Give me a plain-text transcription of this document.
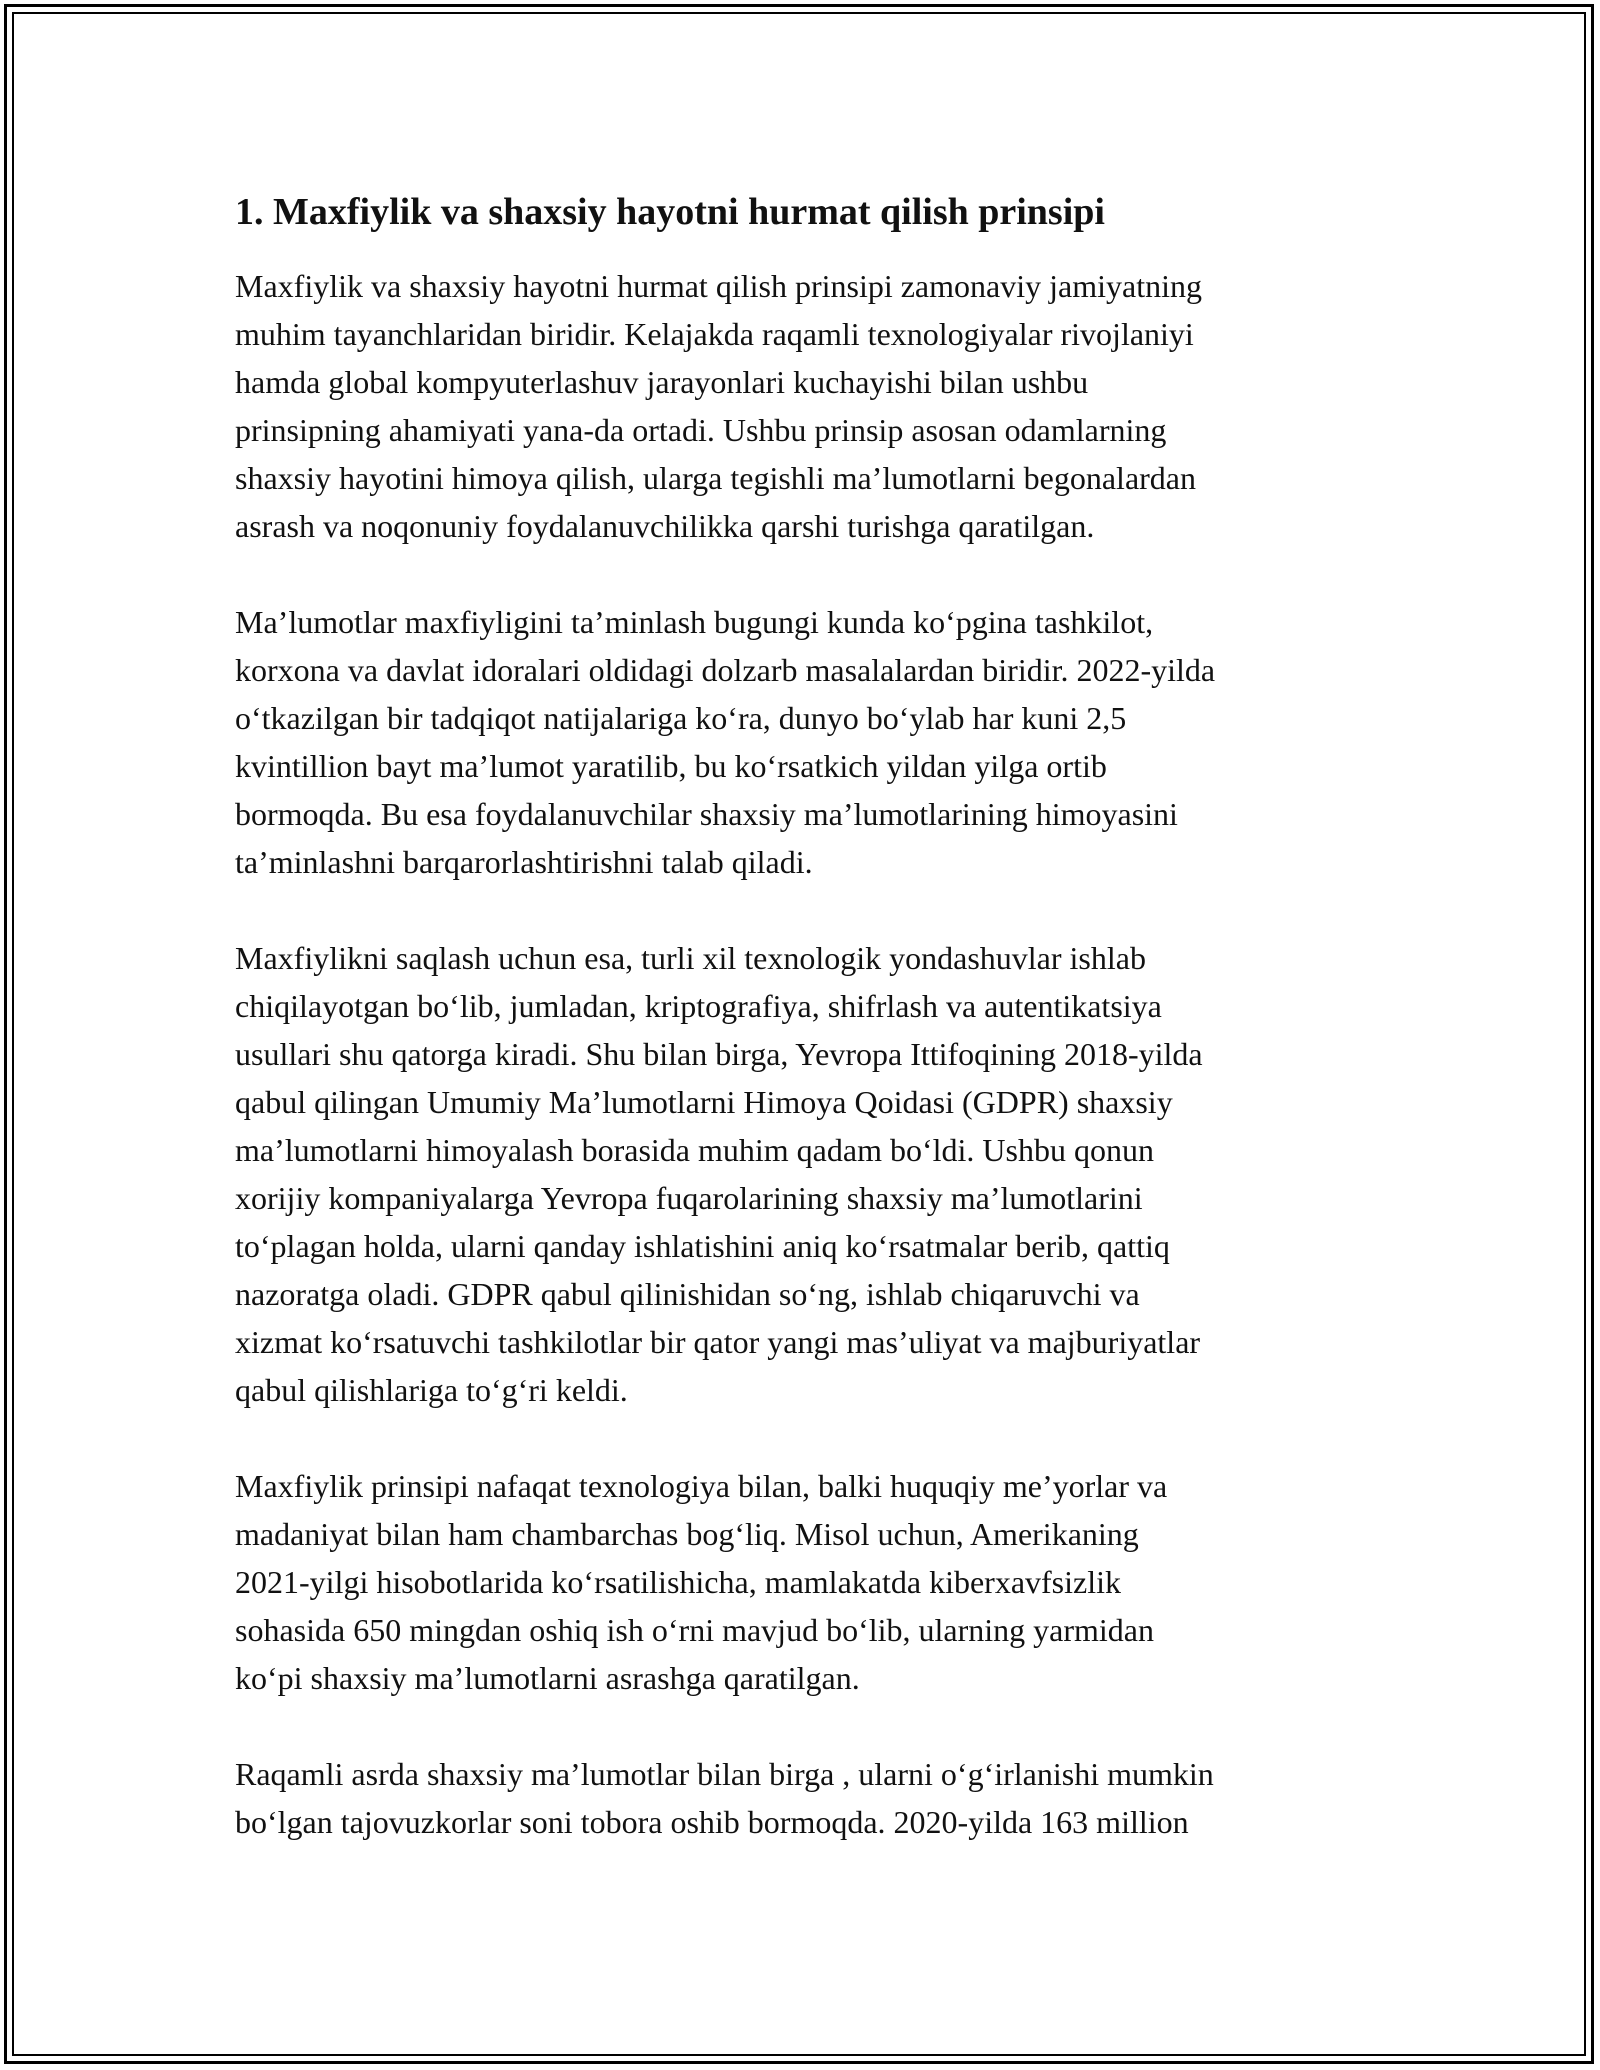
1. Maxfiylik va shaxsiy hayotni hurmat qilish prinsipi

Maxfiylik va shaxsiy hayotni hurmat qilish prinsipi zamonaviy jamiyatning
muhim tayanchlaridan biridir. Kelajakda raqamli texnologiyalar rivojlaniyi
hamda global kompyuterlashuv jarayonlari kuchayishi bilan ushbu
prinsipning ahamiyati yana-da ortadi. Ushbu prinsip asosan odamlarning
shaxsiy hayotini himoya qilish, ularga tegishli ma’lumotlarni begonalardan
asrash va noqonuniy foydalanuvchilikka qarshi turishga qaratilgan.

Ma’lumotlar maxfiyligini ta’minlash bugungi kunda ko‘pgina tashkilot,
korxona va davlat idoralari oldidagi dolzarb masalalardan biridir. 2022-yilda
o‘tkazilgan bir tadqiqot natijalariga ko‘ra, dunyo bo‘ylab har kuni 2,5
kvintillion bayt ma’lumot yaratilib, bu ko‘rsatkich yildan yilga ortib
bormoqda. Bu esa foydalanuvchilar shaxsiy ma’lumotlarining himoyasini
ta’minlashni barqarorlashtirishni talab qiladi.

Maxfiylikni saqlash uchun esa, turli xil texnologik yondashuvlar ishlab
chiqilayotgan bo‘lib, jumladan, kriptografiya, shifrlash va autentikatsiya
usullari shu qatorga kiradi. Shu bilan birga, Yevropa Ittifoqining 2018-yilda
qabul qilingan Umumiy Ma’lumotlarni Himoya Qoidasi (GDPR) shaxsiy
ma’lumotlarni himoyalash borasida muhim qadam bo‘ldi. Ushbu qonun
xorijiy kompaniyalarga Yevropa fuqarolarining shaxsiy ma’lumotlarini
to‘plagan holda, ularni qanday ishlatishini aniq ko‘rsatmalar berib, qattiq
nazoratga oladi. GDPR qabul qilinishidan so‘ng, ishlab chiqaruvchi va
xizmat ko‘rsatuvchi tashkilotlar bir qator yangi mas’uliyat va majburiyatlar
qabul qilishlariga to‘g‘ri keldi.

Maxfiylik prinsipi nafaqat texnologiya bilan, balki huquqiy me’yorlar va
madaniyat bilan ham chambarchas bog‘liq. Misol uchun, Amerikaning
2021-yilgi hisobotlarida ko‘rsatilishicha, mamlakatda kiberxavfsizlik
sohasida 650 mingdan oshiq ish o‘rni mavjud bo‘lib, ularning yarmidan
ko‘pi shaxsiy ma’lumotlarni asrashga qaratilgan.

Raqamli asrda shaxsiy ma’lumotlar bilan birga , ularni o‘g‘irlanishi mumkin
bo‘lgan tajovuzkorlar soni tobora oshib bormoqda. 2020-yilda 163 million
